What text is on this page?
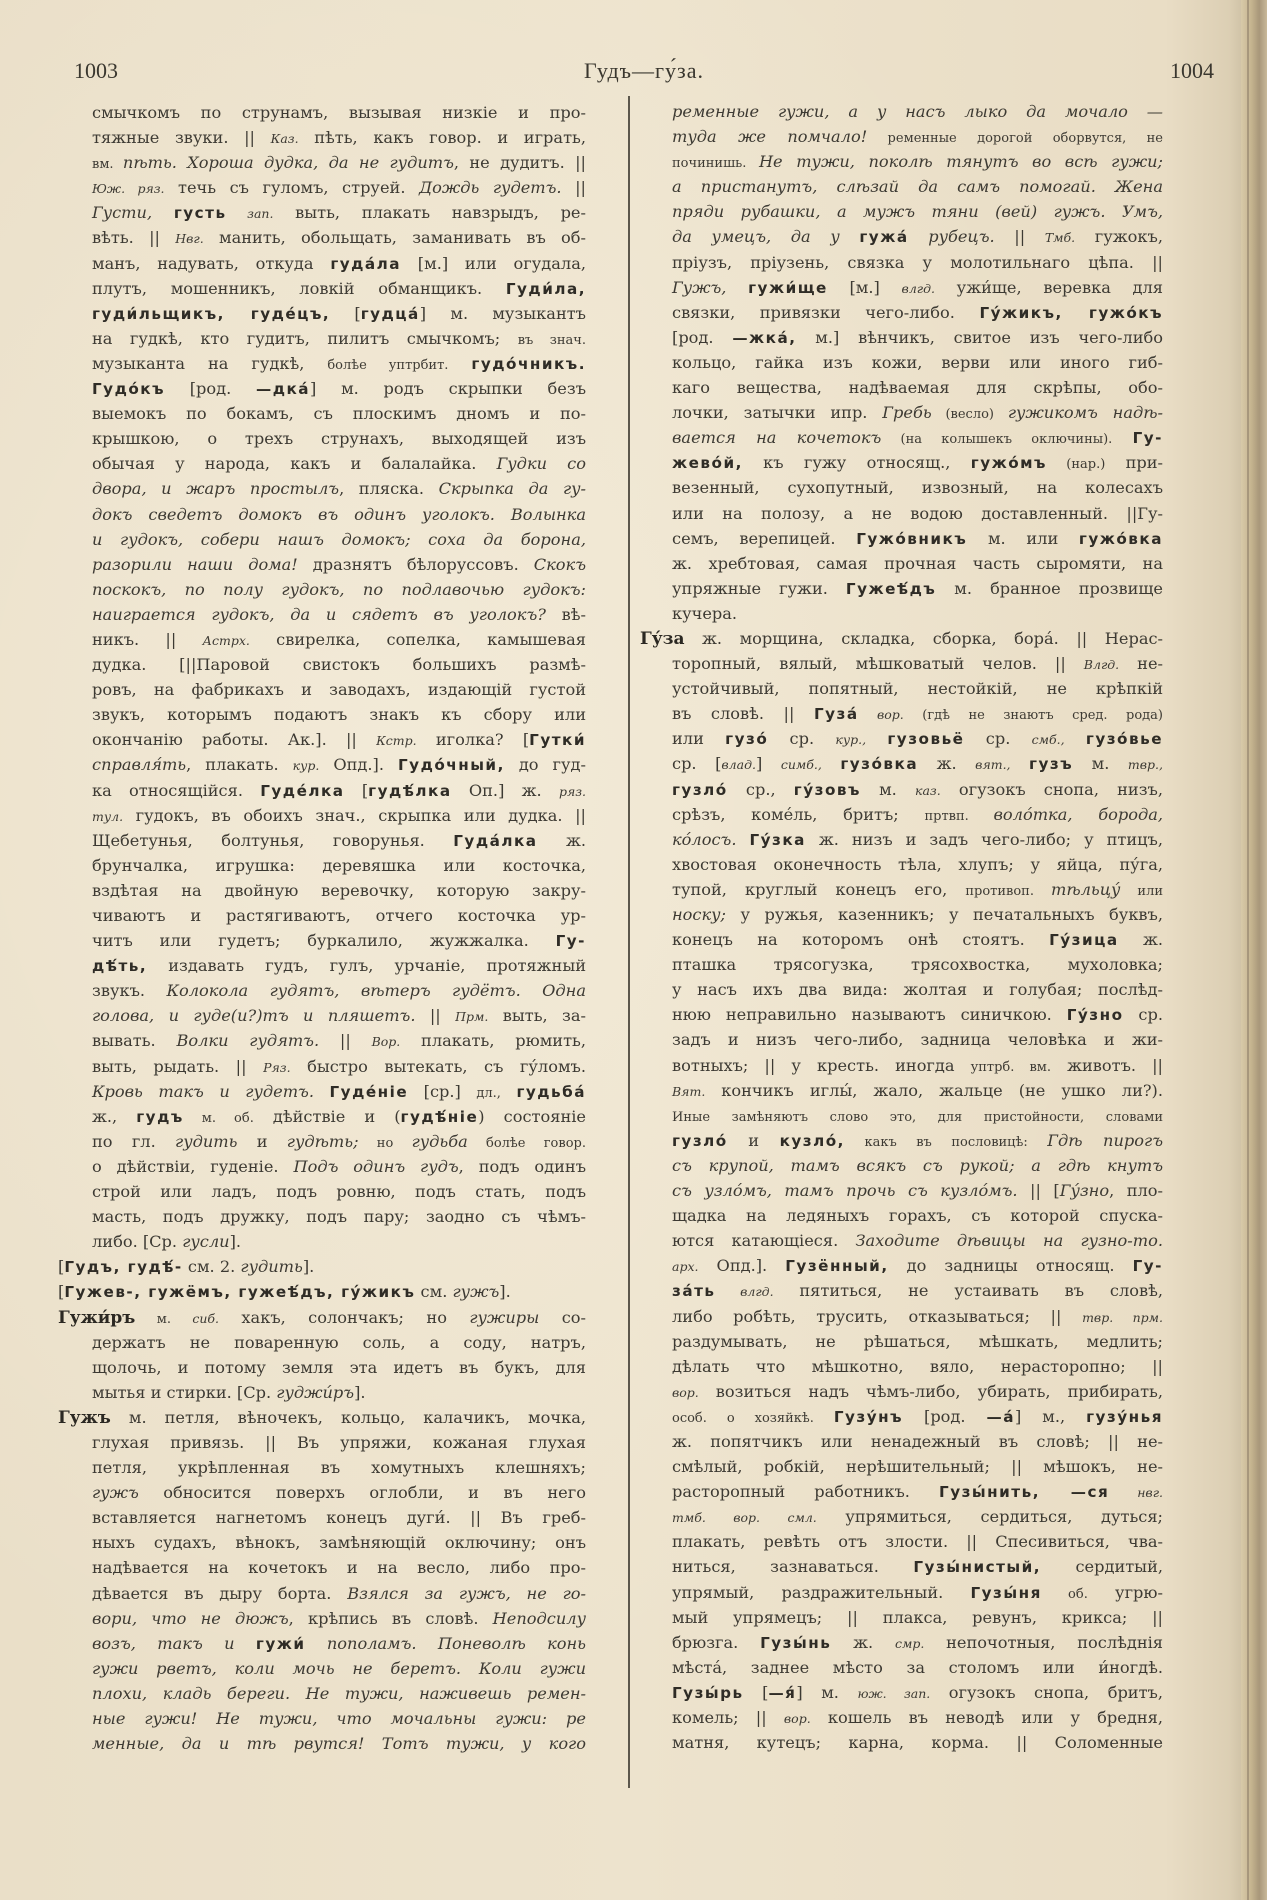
1003	Гудъ—гу́за.	1004
смычкомъ по струнамъ, вызывая низкіе и про-
тяжные звуки. || Каз. пѣть, какъ говор. и играть,
вм. пѣть. Хороша дудка, да не гудитъ, не дудитъ. ||
Юж. ряз. течь съ гуломъ, струей. Дождь гудетъ. ||
Густи, густь зап. выть, плакать навзрыдъ, ре-
вѣть. || Нвг. манить, обольщать, заманивать въ об-
манъ, надувать, откуда гуда́ла [м.] или огудала,
плутъ, мошенникъ, ловкій обманщикъ. Гуди́ла,
гуди́льщикъ, гуде́цъ, [гудца́] м. музыкантъ
на гудкѣ, кто гудитъ, пилитъ смычкомъ; въ знач.
музыканта на гудкѣ, болѣе уптрбит. гудо́чникъ.
Гудо́къ [род. —дка́] м. родъ скрыпки безъ
выемокъ по бокамъ, съ плоскимъ дномъ и по-
крышкою, о трехъ струнахъ, выходящей изъ
обычая у народа, какъ и балалайка. Гудки со
двора, и жаръ простылъ, пляска. Скрыпка да гу-
докъ сведетъ домокъ въ одинъ уголокъ. Волынка
и гудокъ, собери нашъ домокъ; соха да борона,
разорили наши дома! дразнятъ бѣлоруссовъ. Скокъ
поскокъ, по полу гудокъ, по подлавочью гудокъ:
наиграется гудокъ, да и сядетъ въ уголокъ? вѣ-
никъ. || Астрх. свирелка, сопелка, камышевая
дудка. [||Паровой свистокъ большихъ размѣ-
ровъ, на фабрикахъ и заводахъ, издающій густой
звукъ, которымъ подаютъ знакъ къ сбору или
окончанію работы. Ак.]. || Кстр. иголка? [Гутки́
справля́ть, плакать. кур. Опд.]. Гудо́чный, до гуд-
ка относящійся. Гуде́лка [гудѣ́лка Оп.] ж. ряз.
тул. гудокъ, въ обоихъ знач., скрыпка или дудка. ||
Щебетунья, болтунья, говорунья. Гуда́лка ж.
брунчалка, игрушка: деревяшка или косточка,
вздѣтая на двойную веревочку, которую закру-
чиваютъ и растягиваютъ, отчего косточка ур-
читъ или гудетъ; буркалило, жужжалка. Гу-
дѣ́ть, издавать гудъ, гулъ, урчаніе, протяжный
звукъ. Колокола гудятъ, вѣтеръ гудётъ. Одна
голова, и гуде(и?)тъ и пляшетъ. || Прм. выть, за-
вывать. Волки гудятъ. || Вор. плакать, рюмить,
выть, рыдать. || Ряз. быстро вытекать, съ гу́ломъ.
Кровь такъ и гудетъ. Гуде́ніе [ср.] дл., гудьба́
ж., гудъ м. об. дѣйствіе и (гудѣ́ніе) состояніе
по гл. гудить и гудѣть; но гудьба болѣе говор.
о дѣйствіи, гуденіе. Подъ одинъ гудъ, подъ одинъ
строй или ладъ, подъ ровню, подъ стать, подъ
масть, подъ дружку, подъ пару; заодно съ чѣмъ-
либо. [Ср. гусли].
[Гудъ, гудѣ́- см. 2. гудить].
[Гужев-, гужёмъ, гужеѣ́дъ, гу́жикъ см. гужъ].
Гужи́ръ м. сиб. хакъ, солончакъ; но гужиры со-
держатъ не поваренную соль, а соду, натръ,
щолочь, и потому земля эта идетъ въ букъ, для
мытья и стирки. [Ср. гуджи́ръ].
Гужъ м. петля, вѣночекъ, кольцо, калачикъ, мочка,
глухая привязь. || Въ упряжи, кожаная глухая
петля, укрѣпленная въ хомутныхъ клешняхъ;
гужъ обносится поверхъ оглобли, и въ него
вставляется нагнетомъ конецъ дуги́. || Въ греб-
ныхъ судахъ, вѣнокъ, замѣняющій оключину; онъ
надѣвается на кочетокъ и на весло, либо про-
дѣвается въ дыру борта. Взялся за гужъ, не го-
вори, что не дюжъ, крѣпись въ словѣ. Неподсилу
возъ, такъ и гужи́ пополамъ. Поневолѣ конь
гужи рветъ, коли мочь не беретъ. Коли гужи
плохи, кладь береги. Не тужи, наживешь ремен-
ные гужи! Не тужи, что мочальны гужи: ре
менные, да и тѣ рвутся! Тотъ тужи, у кого
ременные гужи, а у насъ лыко да мочало —
туда же помчало! ременные дорогой оборвутся, не
починишь. Не тужи, поколѣ тянутъ во всѣ гужи;
а пристанутъ, слѣзай да самъ помогай. Жена
пряди рубашки, а мужъ тяни (вей) гужъ. Умъ,
да умецъ, да у гужа́ рубецъ. || Тмб. гужокъ,
пріузъ, пріузень, связка у молотильнаго цѣпа. ||
Гужъ, гужи́ще [м.] влгд. ужи́ще, веревка для
связки, привязки чего-либо. Гу́жикъ, гужо́къ
[род. —жка́, м.] вѣнчикъ, свитое изъ чего-либо
кольцо, гайка изъ кожи, верви или иного гиб-
каго вещества, надѣваемая для скрѣпы, обо-
лочки, затычки ипр. Гребь (весло) гужикомъ надѣ-
вается на кочетокъ (на колышекъ оключины). Гу-
жево́й, къ гужу относящ., гужо́мъ (нар.) при-
везенный, сухопутный, извозный, на колесахъ
или на полозу, а не водою доставленный. ||Гу-
семъ, верепицей. Гужо́вникъ м. или гужо́вка
ж. хребтовая, самая прочная часть сыромяти, на
упряжные гужи. Гужеѣ́дъ м. бранное прозвище
кучера.
Гу́за ж. морщина, складка, сборка, бора́. || Нерас-
торопный, вялый, мѣшковатый челов. || Влгд. не-
устойчивый, попятный, нестойкій, не крѣпкій
въ словѣ. || Гуза́ вор. (гдѣ не знаютъ сред. рода)
или гузо́ ср. кур., гузовьё ср. смб., гузо́вье
ср. [влад.] симб., гузо́вка ж. вят., гузъ м. твр.,
гузло́ ср., гу́зовъ м. каз. огузокъ снопа, низъ,
срѣзъ, коме́ль, бритъ; пртвп. воло́тка, борода,
ко́лосъ. Гу́зка ж. низъ и задъ чего-либо; у птицъ,
хвостовая оконечность тѣла, хлупъ; у яйца, пу́га,
тупой, круглый конецъ его, противоп. тѣльцу́ или
носку; у ружья, казенникъ; у печатальныхъ буквъ,
конецъ на которомъ онѣ стоятъ. Гу́зица ж.
пташка трясогузка, трясохвостка, мухоловка;
у насъ ихъ два вида: жолтая и голубая; послѣд-
нюю неправильно называютъ синичкою. Гу́зно ср.
задъ и низъ чего-либо, задница человѣка и жи-
вотныхъ; || у кресть. иногда уптрб. вм. животъ. ||
Вят. кончикъ иглы́, жало, жальце (не ушко ли?).
Иные замѣняютъ слово это, для пристойности, словами
гузло́ и кузло́, какъ въ пословицѣ: Гдѣ пирогъ
съ крупой, тамъ всякъ съ рукой; а гдѣ кнутъ
съ узло́мъ, тамъ прочь съ кузло́мъ. || [Гу́зно, пло-
щадка на ледяныхъ горахъ, съ которой спуска-
ются катающіеся. Заходите дѣвицы на гузно-то.
арх. Опд.]. Гузённый, до задницы относящ. Гу-
за́ть влгд. пятиться, не устаивать въ словѣ,
либо робѣть, трусить, отказываться; || твр. прм.
раздумывать, не рѣшаться, мѣшкать, медлить;
дѣлать что мѣшкотно, вяло, нерасторопно; ||
вор. возиться надъ чѣмъ-либо, убирать, прибирать,
особ. о хозяйкѣ. Гузу́нъ [род. —а́] м., гузу́нья
ж. попятчикъ или ненадежный въ словѣ; || не-
смѣлый, робкій, нерѣшительный; || мѣшокъ, не-
расторопный работникъ. Гузы́нить, —ся нвг.
тмб. вор. смл. упрямиться, сердиться, дуться;
плакать, ревѣть отъ злости. || Спесивиться, чва-
ниться, зазнаваться. Гузы́нистый, сердитый,
упрямый, раздражительный. Гузы́ня об. угрю-
мый упрямецъ; || плакса, ревунъ, крикса; ||
брюзга. Гузы́нь ж. смр. непочотныя, послѣднія
мѣста́, заднее мѣсто за столомъ или и́ногдѣ.
Гузы́рь [—я́] м. юж. зап. огузокъ снопа, бритъ,
комель; || вор. кошель въ неводѣ или у бредня,
матня, кутецъ; карна, корма. || Соломенные
